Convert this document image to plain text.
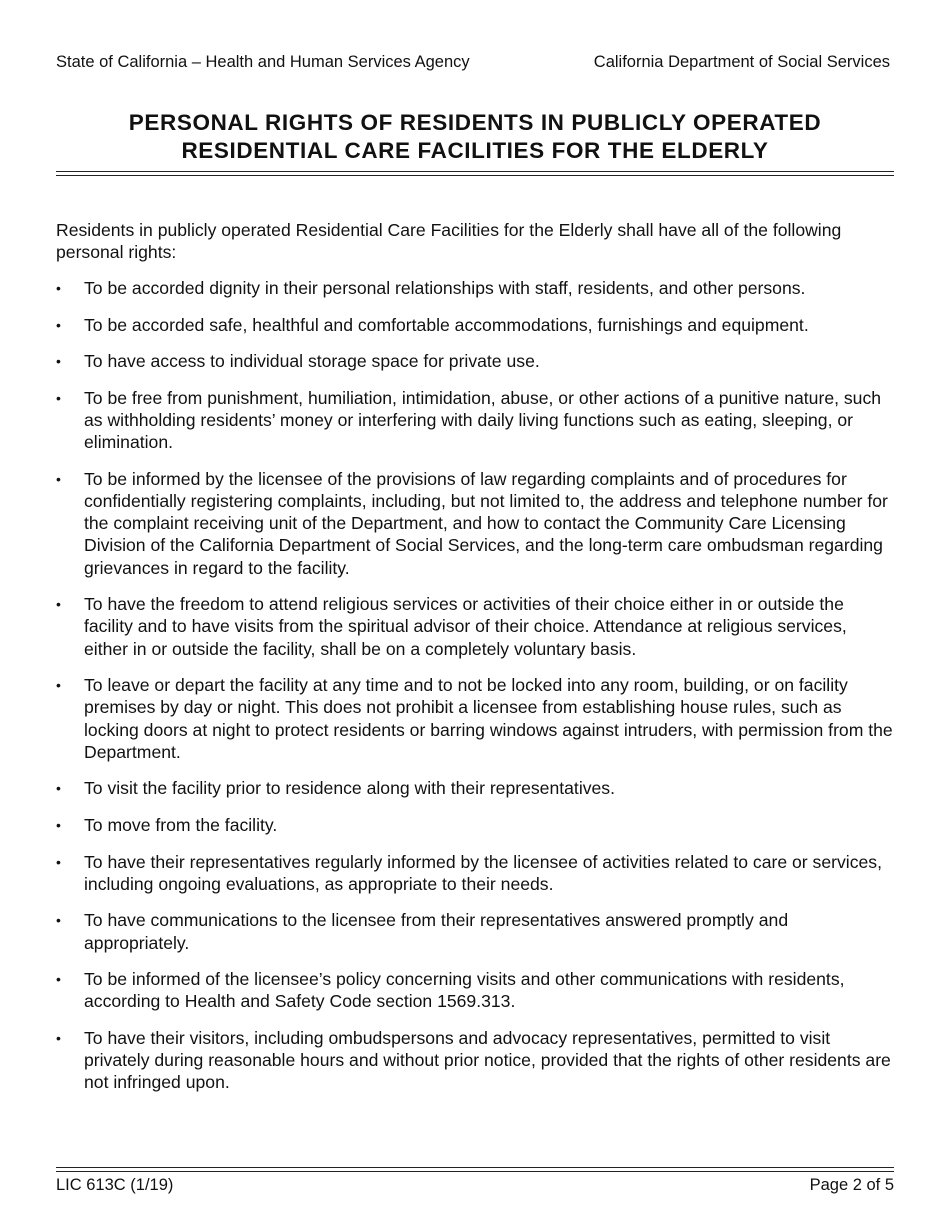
State of California – Health and Human Services Agency	California Department of Social Services
PERSONAL RIGHTS OF RESIDENTS IN PUBLICLY OPERATED
RESIDENTIAL CARE FACILITIES FOR THE ELDERLY

Residents in publicly operated Residential Care Facilities for the Elderly shall have all of the following personal rights:

• To be accorded dignity in their personal relationships with staff, residents, and other persons.
• To be accorded safe, healthful and comfortable accommodations, furnishings and equipment.
• To have access to individual storage space for private use.
• To be free from punishment, humiliation, intimidation, abuse, or other actions of a punitive nature, such as withholding residents’ money or interfering with daily living functions such as eating, sleeping, or elimination.
• To be informed by the licensee of the provisions of law regarding complaints and of procedures for confidentially registering complaints, including, but not limited to, the address and telephone number for the complaint receiving unit of the Department, and how to contact the Community Care Licensing Division of the California Department of Social Services, and the long-term care ombudsman regarding grievances in regard to the facility.
• To have the freedom to attend religious services or activities of their choice either in or outside the facility and to have visits from the spiritual advisor of their choice. Attendance at religious services, either in or outside the facility, shall be on a completely voluntary basis.
• To leave or depart the facility at any time and to not be locked into any room, building, or on facility premises by day or night. This does not prohibit a licensee from establishing house rules, such as locking doors at night to protect residents or barring windows against intruders, with permission from the Department.
• To visit the facility prior to residence along with their representatives.
• To move from the facility.
• To have their representatives regularly informed by the licensee of activities related to care or services, including ongoing evaluations, as appropriate to their needs.
• To have communications to the licensee from their representatives answered promptly and appropriately.
• To be informed of the licensee’s policy concerning visits and other communications with residents, according to Health and Safety Code section 1569.313.
• To have their visitors, including ombudspersons and advocacy representatives, permitted to visit privately during reasonable hours and without prior notice, provided that the rights of other residents are not infringed upon.
LIC 613C (1/19)	Page 2 of 5
